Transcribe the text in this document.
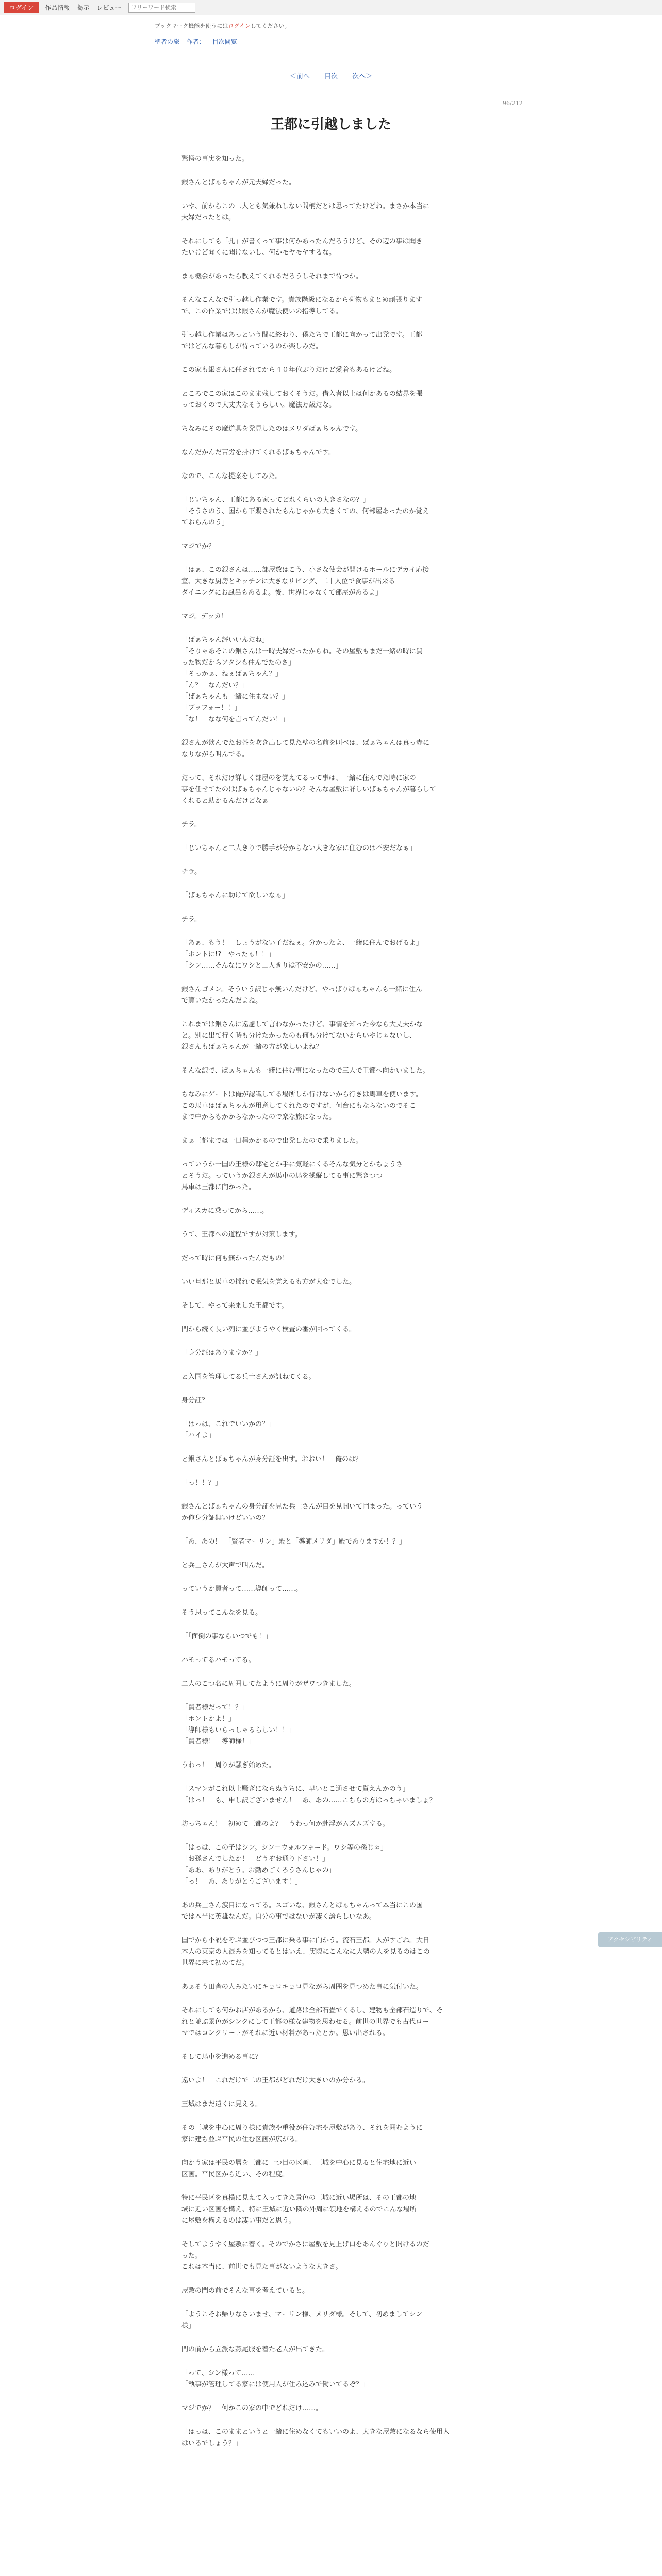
ログイン	作品情報 掲示 レビュー
フリーワード検索
ブックマーク機能を使うにはログインしてください。
聖者の旅 作者： 目次閲覧
＜前へ 目次 次へ＞
96/212
王都に引越しました

驚愕の事実を知った。

銀さんとばぁちゃんが元夫婦だった。

いや、前からこの二人とも気兼ねしない間柄だとは思ってたけどね。まさか本当に
夫婦だったとは。

それにしても「孔」が書くって事は何かあったんだろうけど、その辺の事は聞き
たいけど聞くに聞けないし、何かモヤモヤするな。

まぁ機会があったら教えてくれるだろうしそれまで待つか。

そんなこんなで引っ越し作業です。貴族階級になるから荷物もまとめ頑張ります
で、この作業ではは銀さんが魔法使いの指導してる。

引っ越し作業はあっという間に終わり、僕たちで王都に向かって出発です。王都
ではどんな暮らしが待っているのか楽しみだ。

この家も銀さんに任されてから４０年位ぶりだけど愛着もあるけどね。

ところでこの家はこのまま残しておくそうだ。借入者以上は何かあるの結界を張
っておくので大丈夫なそうらしい。魔法万歳だな。

ちなみにその魔道具を発見したのはメリダばぁちゃんです。

なんだかんだ苦労を掛けてくれるばぁちゃんです。

なので、こんな提案をしてみた。

「じいちゃん、王都にある家ってどれくらいの大きさなの？」
「そうさのう、国から下賜されたもんじゃから大きくての、何部屋あったのか覚え
ておらんのう」

マジでか？

「はぁ、この銀さんは……部屋数はこう、小さな使会が開けるホールにデカイ応接
室、大きな厨房とキッチンに大きなリビング、二十人位で食事が出来る
ダイニングにお風呂もあるよ。後、世界じゃなくて部屋があるよ」

マジ。デッカ！

「ばぁちゃん評いいんだね」
「そりゃあそこの銀さんは一時夫婦だったからね。その屋敷もまだ一緒の時に買
った物だからアタシも住んでたのさ」
「そっかぁ、ねぇばぁちゃん？」
「ん？　なんだい？」
「ばぁちゃんも一緒に住まない？」
「ブッフォー！！」
「な！　なな何を言ってんだい！」

銀さんが飲んでたお茶を吹き出して見た壁の名前を叫べは、ばぁちゃんは真っ赤に
なりながら叫んでる。

だって、それだけ詳しく部屋のを覚えてるって事は、一緒に住んでた時に家の
事を任せてたのはばぁちゃんじゃないの？そんな屋敷に詳しいばぁちゃんが暮らして
くれると助かるんだけどなぁ

チラ。

「じいちゃんと二人きりで勝手が分からない大きな家に住むのは不安だなぁ」

チラ。

「ばぁちゃんに助けて欲しいなぁ」

チラ。

「あぁ、もう！　しょうがない子だねぇ。分かったよ、一緒に住んでおげるよ」
「ホントに!?　やったぁ！！」
「シン……そんなにワシと二人きりは不安かの……」

銀さんゴメン。そういう訳じゃ無いんだけど、やっぱりばぁちゃんも一緒に住ん
で貰いたかったんだよね。

これまでは銀さんに遠慮して言わなかったけど、事情を知った今なら大丈夫かな
と。別に出て行く時も分けたかったのも何も分けてないからいやじゃないし、
銀さんもばぁちゃんが一緒の方が楽しいよね？

そんな訳で、ばぁちゃんも一緒に住む事になったので三人で王都へ向かいました。

ちなみにゲートは俺が認識してる場所しか行けないから行きは馬車を使います。
この馬車はばぁちゃんが用意してくれたのですが、何台にもならないのでそこ
まで中からもかからなかったので楽な旅になった。

まぁ王都までは一日程かかるので出発したので乗りました。

っていうか一国の王様の邸宅とか手に気軽にくるそんな気分とかちょうさ
とそうだ。っていうか銀さんが馬車の馬を操縦してる事に驚きつつ
馬車は王都に向かった。

ディスカに乗ってから……。

うて、王都への道程ですが対策します。

だって時に何も無かったんだもの！

いい旦那と馬車の揺れで眠気を覚えるも方が大変でした。

そして、やって来ました王都です。

門から続く長い列に並びようやく検査の番が回ってくる。

「身分証はありますか？」

と入国を管理してる兵士さんが訊ねてくる。

身分証？

「はっは、これでいいかの？」
「ハイよ」

と銀さんとばぁちゃんが身分証を出す。おおい！　俺のは？

「っ！！？」

銀さんとばぁちゃんの身分証を見た兵士さんが目を見開いて固まった。っていう
か俺身分証無いけどいいの？

「あ、あの！　「賢者マーリン」殿と「導師メリダ」殿でありますか！？」

と兵士さんが大声で叫んだ。

っていうか賢者って……導師って……。

そう思ってこんなを見る。

「「面倒の事ならいつでも！」

ハモってるハモってる。

二人のこつ名に周囲してたように周りがザワつきました。

「賢者様だって！？」
「ホントかよ！」
「導師様もいらっしゃるらしい！！」
「賢者様！　導師様！」

うわっ！　周りが騒ぎ始めた。

「スマンがこれ以上騒ぎにならぬうちに、早いとこ通させて貰えんかのう」
「はっ！　も、申し訳ございません！　あ、あの……こちらの方はっちゃいましょ？

坊っちゃん！　初めて王都のよ？　うわっ何か赴浮がムズムズする。

「はっは、この子はシン。シン＝ウォルフォード。ワシ等の孫じゃ」
「お孫さんでしたか！　どうぞお通り下さい！」
「ああ、ありがとう。お勤めごくろうさんじゃの」
「っ！　あ、ありがとうございます！」

あの兵士さん涙目になってる。スゴいな、銀さんとばぁちゃんって本当にこの国
では本当に英雄なんだ。自分の事ではないが凄く誇らしいなあ。

国でから小説を呼ぶ並びつつ王都に乗る事に向かう。流石王都。人がすごね。大日
本人の東京の人混みを知ってるとはいえ、実際にこんなに大勢の人を見るのはこの
世界に来て初めてだ。

あぁそう田舎の人みたいにキョロキョロ見ながら周囲を見つめた事に気付いた。

それにしても何かお店があるから、道路は全部石畳でくるし、建物も全部石造りで、そ
れと並ぶ景色がシンクにして王都の様な建物を思わせる。前世の世界でも古代ロー
マではコンクリートがそれに近い材料があったとか。思い出される。

そして馬車を進める事に？

遠いよ！　これだけで二の王都がどれだけ大きいのか分かる。

王城はまだ遠くに見える。

その王城を中心に周り様に貴族や重役が住む宅や屋敷があり、それを囲むように
家に建ち並ぶ平民の住む区画が広がる。

向かう家は平民の層を王都に一つ目の区画、王城を中心に見ると住宅地に近い
区画。平民区から近い、その程度。

特に平民区を真横に見えて入ってきた景色の王城に近い場所は、その王都の地
域に近い区画を構え、特に王城に近い隣の外周に領地を構えるのでこんな場所
に屋敷を構えるのは凄い事だと思う。

そしてようやく屋敷に着く。そのでかさに屋敷を見上げ口をあんぐりと開けるのだ
った。
これは本当に、前世でも見た事がないような大きさ。

屋敷の門の前でそんな事を考えていると。

「ようこそお帰りなさいませ、マーリン様、メリダ様。そして、初めましてシン
様」

門の前から立派な燕尾服を着た老人が出てきた。

「って、シン様って……」
「執事が管理してる家には使用人が住み込みで働いてるぞ？」

マジでか？　何かこの家の中でどれだけ……。

「はっは、このままというと一緒に住めなくてもいいのよ、大きな屋敷になるなら使用人
はいるでしょう？」

アクセシビリティ
